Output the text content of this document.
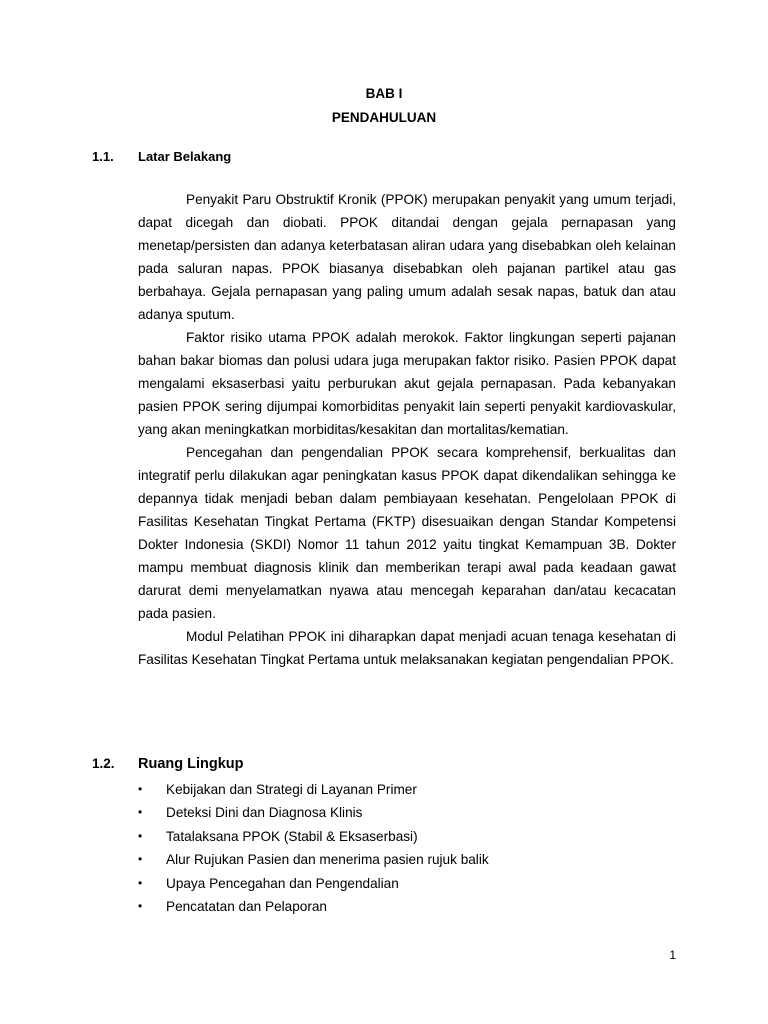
BAB I
PENDAHULUAN
1.1. Latar Belakang

Penyakit Paru Obstruktif Kronik (PPOK) merupakan penyakit yang umum terjadi, dapat dicegah dan diobati. PPOK ditandai dengan gejala pernapasan yang menetap/persisten dan adanya keterbatasan aliran udara yang disebabkan oleh kelainan pada saluran napas. PPOK biasanya disebabkan oleh pajanan partikel atau gas berbahaya. Gejala pernapasan yang paling umum adalah sesak napas, batuk dan atau adanya sputum.

Faktor risiko utama PPOK adalah merokok. Faktor lingkungan seperti pajanan bahan bakar biomas dan polusi udara juga merupakan faktor risiko. Pasien PPOK dapat mengalami eksaserbasi yaitu perburukan akut gejala pernapasan. Pada kebanyakan pasien PPOK sering dijumpai komorbiditas penyakit lain seperti penyakit kardiovaskular, yang akan meningkatkan morbiditas/kesakitan dan mortalitas/kematian.

Pencegahan dan pengendalian PPOK secara komprehensif, berkualitas dan integratif perlu dilakukan agar peningkatan kasus PPOK dapat dikendalikan sehingga ke depannya tidak menjadi beban dalam pembiayaan kesehatan. Pengelolaan PPOK di Fasilitas Kesehatan Tingkat Pertama (FKTP) disesuaikan dengan Standar Kompetensi Dokter Indonesia (SKDI) Nomor 11 tahun 2012 yaitu tingkat Kemampuan 3B. Dokter mampu membuat diagnosis klinik dan memberikan terapi awal pada keadaan gawat darurat demi menyelamatkan nyawa atau mencegah keparahan dan/atau kecacatan pada pasien.

Modul Pelatihan PPOK ini diharapkan dapat menjadi acuan tenaga kesehatan di Fasilitas Kesehatan Tingkat Pertama untuk melaksanakan kegiatan pengendalian PPOK.

1.2. Ruang Lingkup
• Kebijakan dan Strategi di Layanan Primer
• Deteksi Dini dan Diagnosa Klinis
• Tatalaksana PPOK (Stabil & Eksaserbasi)
• Alur Rujukan Pasien dan menerima pasien rujuk balik
• Upaya Pencegahan dan Pengendalian
• Pencatatan dan Pelaporan
1
